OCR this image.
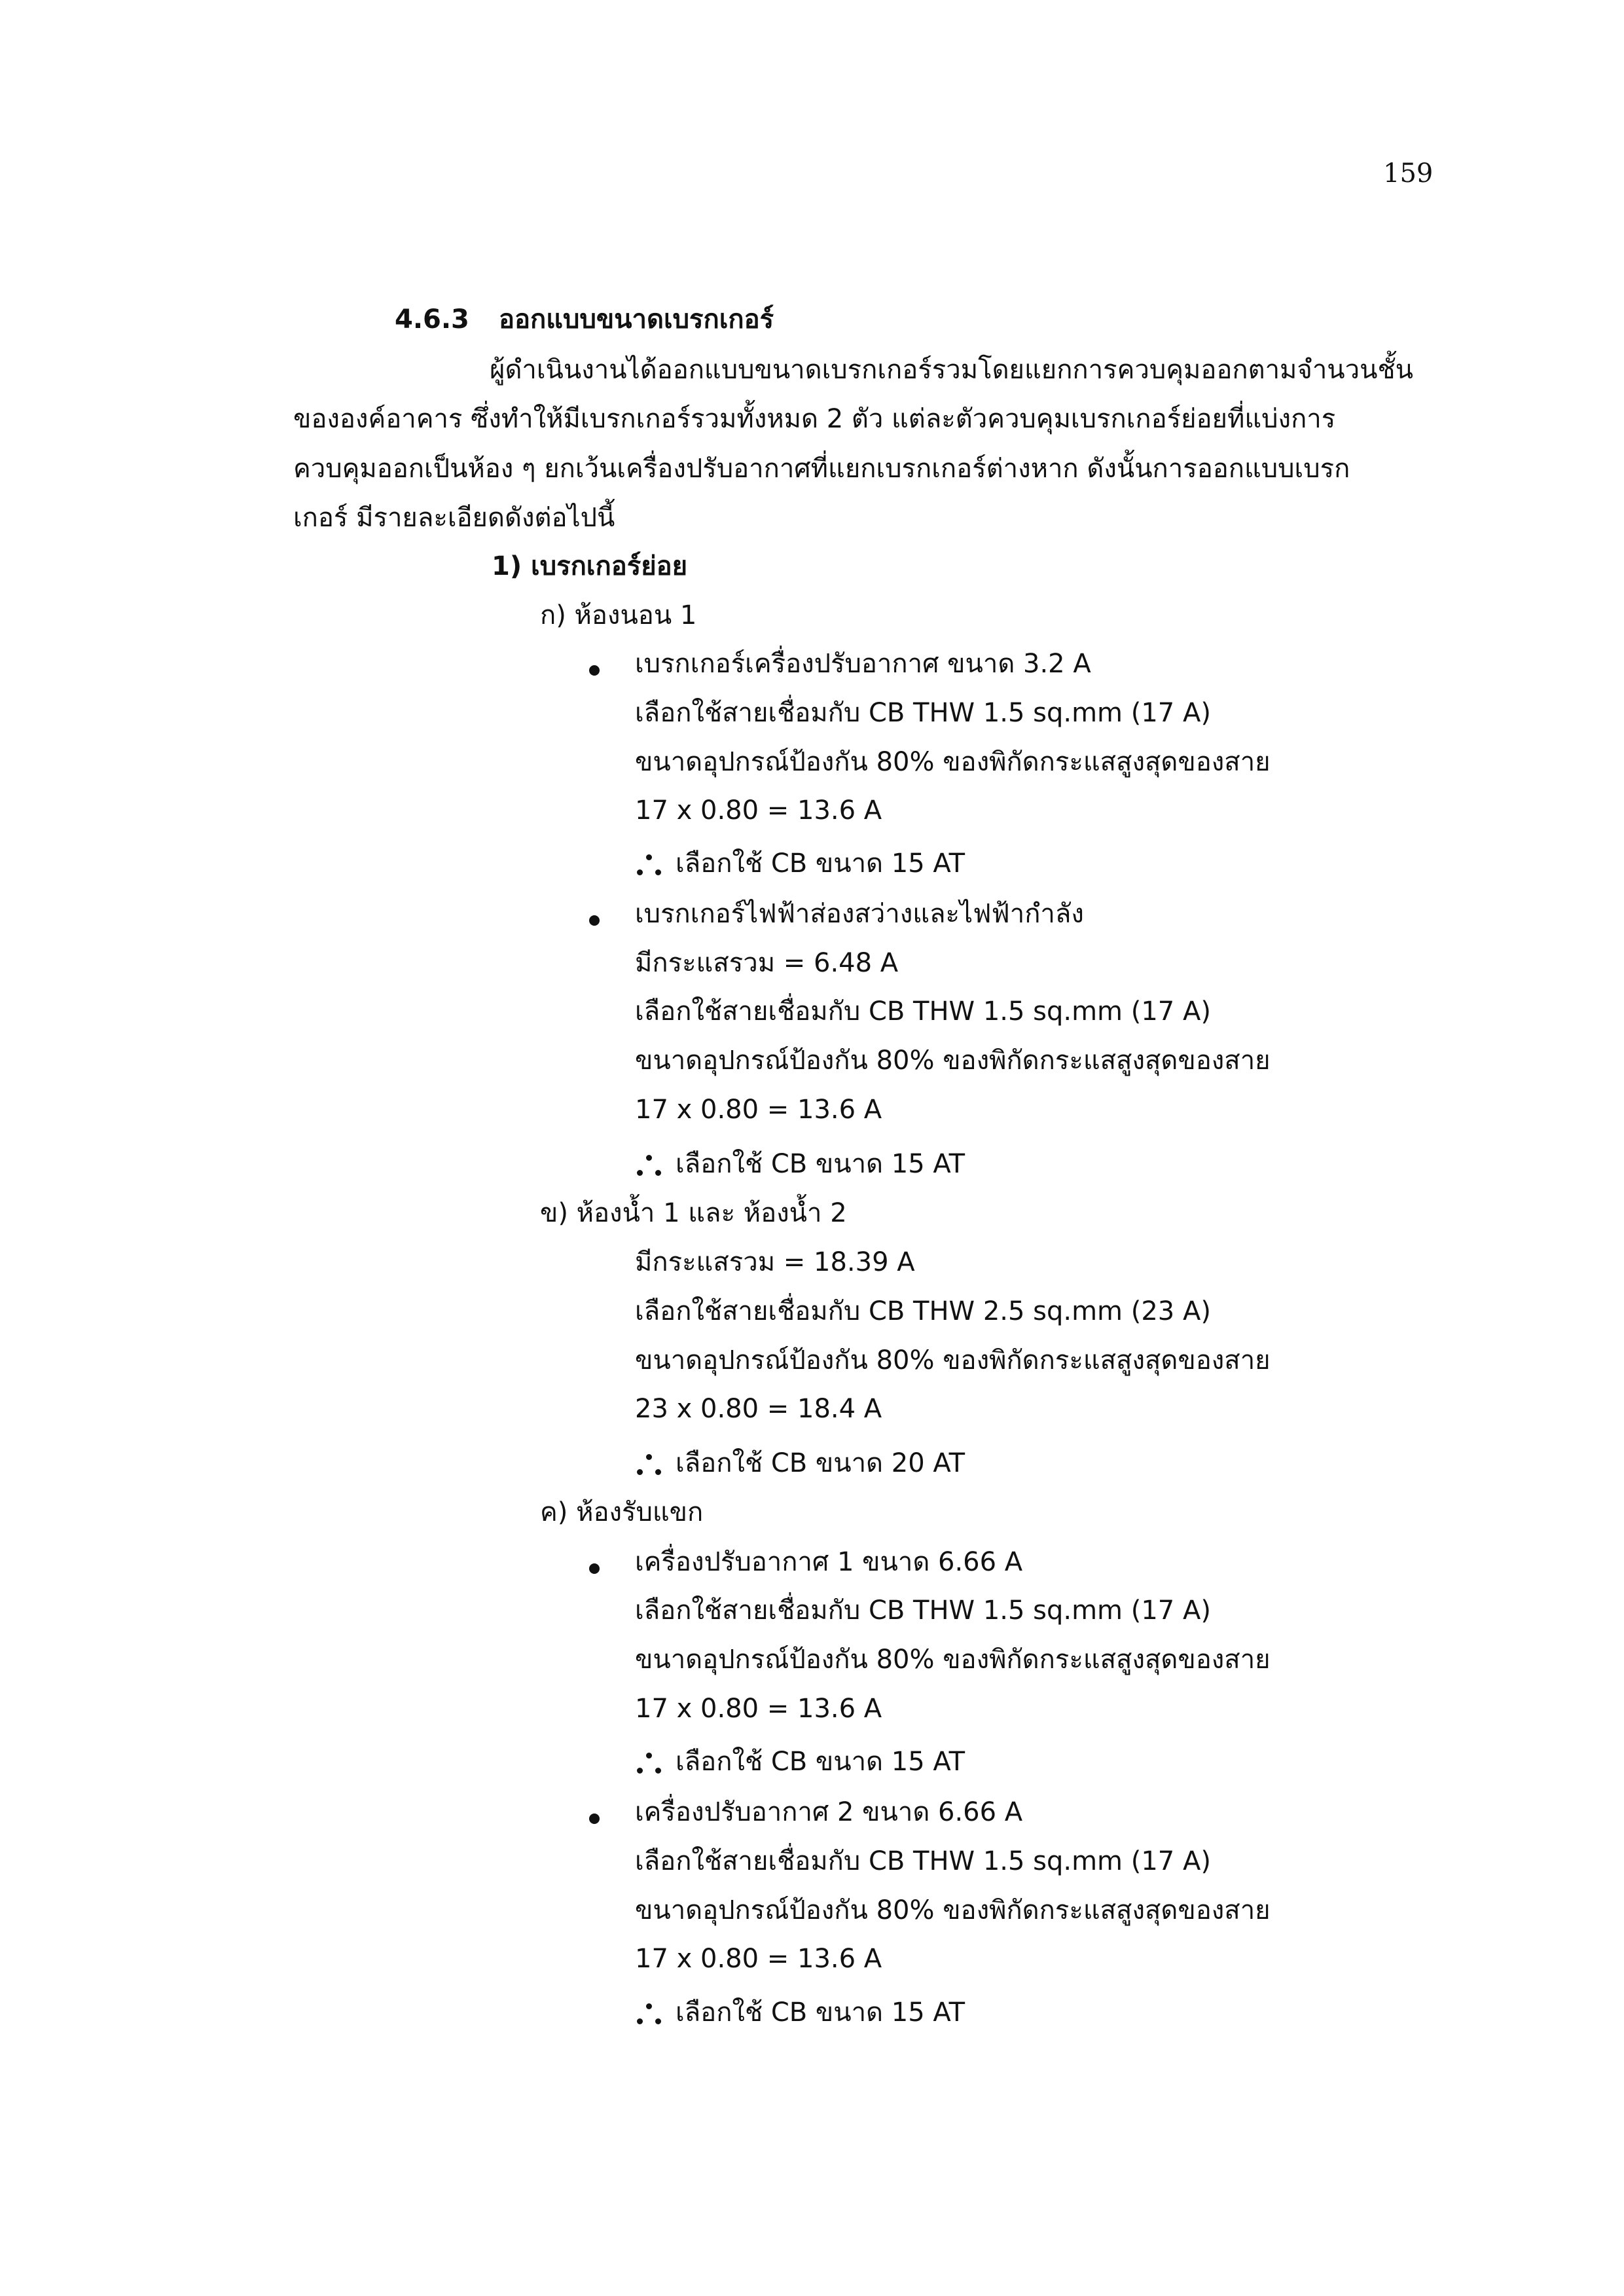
159
4.6.3 ออกแบบขนาดเบรกเกอร์
ผู้ดำเนินงานได้ออกแบบขนาดเบรกเกอร์รวมโดยแยกการควบคุมออกตามจำนวนชั้น
ขององค์อาคาร ซึ่งทำให้มีเบรกเกอร์รวมทั้งหมด 2 ตัว แต่ละตัวควบคุมเบรกเกอร์ย่อยที่แบ่งการ
ควบคุมออกเป็นห้อง ๆ ยกเว้นเครื่องปรับอากาศที่แยกเบรกเกอร์ต่างหาก ดังนั้นการออกแบบเบรก
เกอร์ มีรายละเอียดดังต่อไปนี้
1) เบรกเกอร์ย่อย
ก) ห้องนอน 1
เบรกเกอร์เครื่องปรับอากาศ ขนาด 3.2 A
เลือกใช้สายเชื่อมกับ CB THW 1.5 sq.mm (17 A)
ขนาดอุปกรณ์ป้องกัน 80% ของพิกัดกระแสสูงสุดของสาย
17 x 0.80 = 13.6 A
เลือกใช้ CB ขนาด 15 AT
เบรกเกอร์ไฟฟ้าส่องสว่างและไฟฟ้ากำลัง
มีกระแสรวม = 6.48 A
เลือกใช้สายเชื่อมกับ CB THW 1.5 sq.mm (17 A)
ขนาดอุปกรณ์ป้องกัน 80% ของพิกัดกระแสสูงสุดของสาย
17 x 0.80 = 13.6 A
เลือกใช้ CB ขนาด 15 AT
ข) ห้องน้ำ 1 และ ห้องน้ำ 2
มีกระแสรวม = 18.39 A
เลือกใช้สายเชื่อมกับ CB THW 2.5 sq.mm (23 A)
ขนาดอุปกรณ์ป้องกัน 80% ของพิกัดกระแสสูงสุดของสาย
23 x 0.80 = 18.4 A
เลือกใช้ CB ขนาด 20 AT
ค) ห้องรับแขก
เครื่องปรับอากาศ 1 ขนาด 6.66 A
เลือกใช้สายเชื่อมกับ CB THW 1.5 sq.mm (17 A)
ขนาดอุปกรณ์ป้องกัน 80% ของพิกัดกระแสสูงสุดของสาย
17 x 0.80 = 13.6 A
เลือกใช้ CB ขนาด 15 AT
เครื่องปรับอากาศ 2 ขนาด 6.66 A
เลือกใช้สายเชื่อมกับ CB THW 1.5 sq.mm (17 A)
ขนาดอุปกรณ์ป้องกัน 80% ของพิกัดกระแสสูงสุดของสาย
17 x 0.80 = 13.6 A
เลือกใช้ CB ขนาด 15 AT
